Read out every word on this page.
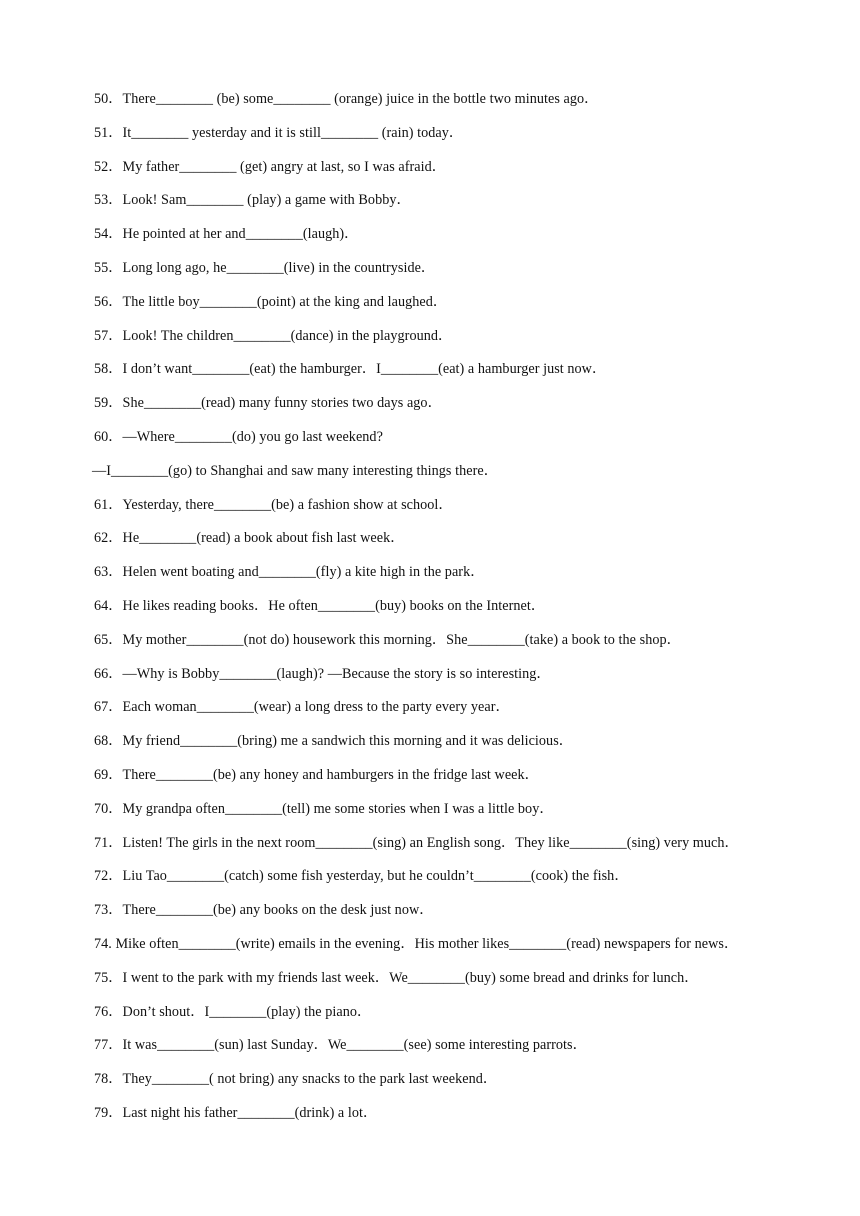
50．There________ (be) some________ (orange) juice in the bottle two minutes ago．
51．It________ yesterday and it is still________ (rain) today．
52．My father________ (get) angry at last, so I was afraid．
53．Look! Sam________ (play) a game with Bobby．
54．He pointed at her and________(laugh)．
55．Long long ago, he________(live) in the countryside．
56．The little boy________(point) at the king and laughed．
57．Look! The children________(dance) in the playground．
58．I don’t want________(eat) the hamburger．I________(eat) a hamburger just now．
59．She________(read) many funny stories two days ago．
60．—Where________(do) you go last weekend?
—I________(go) to Shanghai and saw many interesting things there．
61．Yesterday, there________(be) a fashion show at school．
62．He________(read) a book about fish last week．
63．Helen went boating and________(fly) a kite high in the park．
64．He likes reading books．He often________(buy) books on the Internet．
65．My mother________(not do) housework this morning．She________(take) a book to the shop．
66．—Why is Bobby________(laugh)? —Because the story is so interesting．
67．Each woman________(wear) a long dress to the party every year．
68．My friend________(bring) me a sandwich this morning and it was delicious．
69．There________(be) any honey and hamburgers in the fridge last week．
70．My grandpa often________(tell) me some stories when I was a little boy．
71．Listen! The girls in the next room________(sing) an English song．They like________(sing) very much．
72．Liu Tao________(catch) some fish yesterday, but he couldn’t________(cook) the fish．
73．There________(be) any books on the desk just now．
74. Mike often________(write) emails in the evening．His mother likes________(read) newspapers for news．
75．I went to the park with my friends last week．We________(buy) some bread and drinks for lunch．
76．Don’t shout．I________(play) the piano．
77．It was________(sun) last Sunday．We________(see) some interesting parrots．
78．They________( not bring) any snacks to the park last weekend．
79．Last night his father________(drink) a lot．
